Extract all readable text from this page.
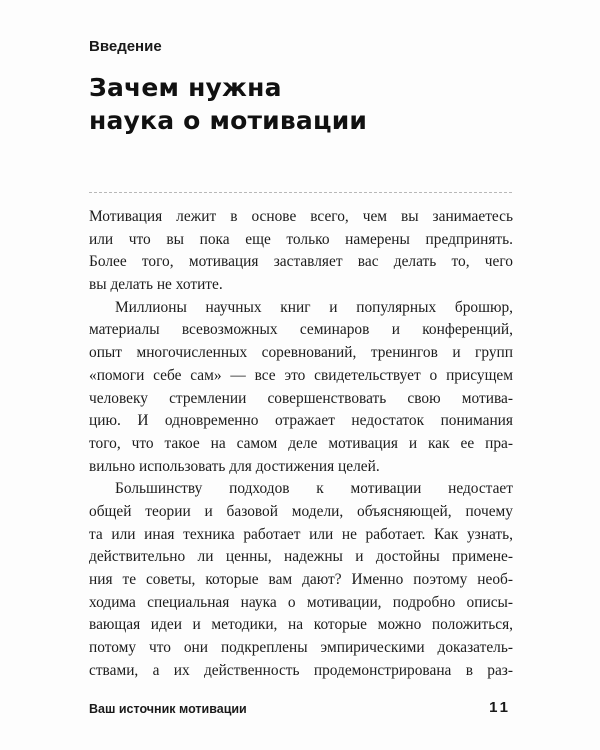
Введение
Зачем нужна
наука о мотивации
Мотивация лежит в основе всего, чем вы занимаетесь
или что вы пока еще только намерены предпринять.
Более того, мотивация заставляет вас делать то, чего
вы делать не хотите.
Миллионы научных книг и популярных брошюр,
материалы всевозможных семинаров и конференций,
опыт многочисленных соревнований, тренингов и групп
«помоги себе сам» — все это свидетельствует о присущем
человеку стремлении совершенствовать свою мотива-
цию. И одновременно отражает недостаток понимания
того, что такое на самом деле мотивация и как ее пра-
вильно использовать для достижения целей.
Большинству подходов к мотивации недостает
общей теории и базовой модели, объясняющей, почему
та или иная техника работает или не работает. Как узнать,
действительно ли ценны, надежны и достойны примене-
ния те советы, которые вам дают? Именно поэтому необ-
ходима специальная наука о мотивации, подробно описы-
вающая идеи и методики, на которые можно положиться,
потому что они подкреплены эмпирическими доказатель-
ствами, а их действенность продемонстрирована в раз-
Ваш источник мотивации	11
